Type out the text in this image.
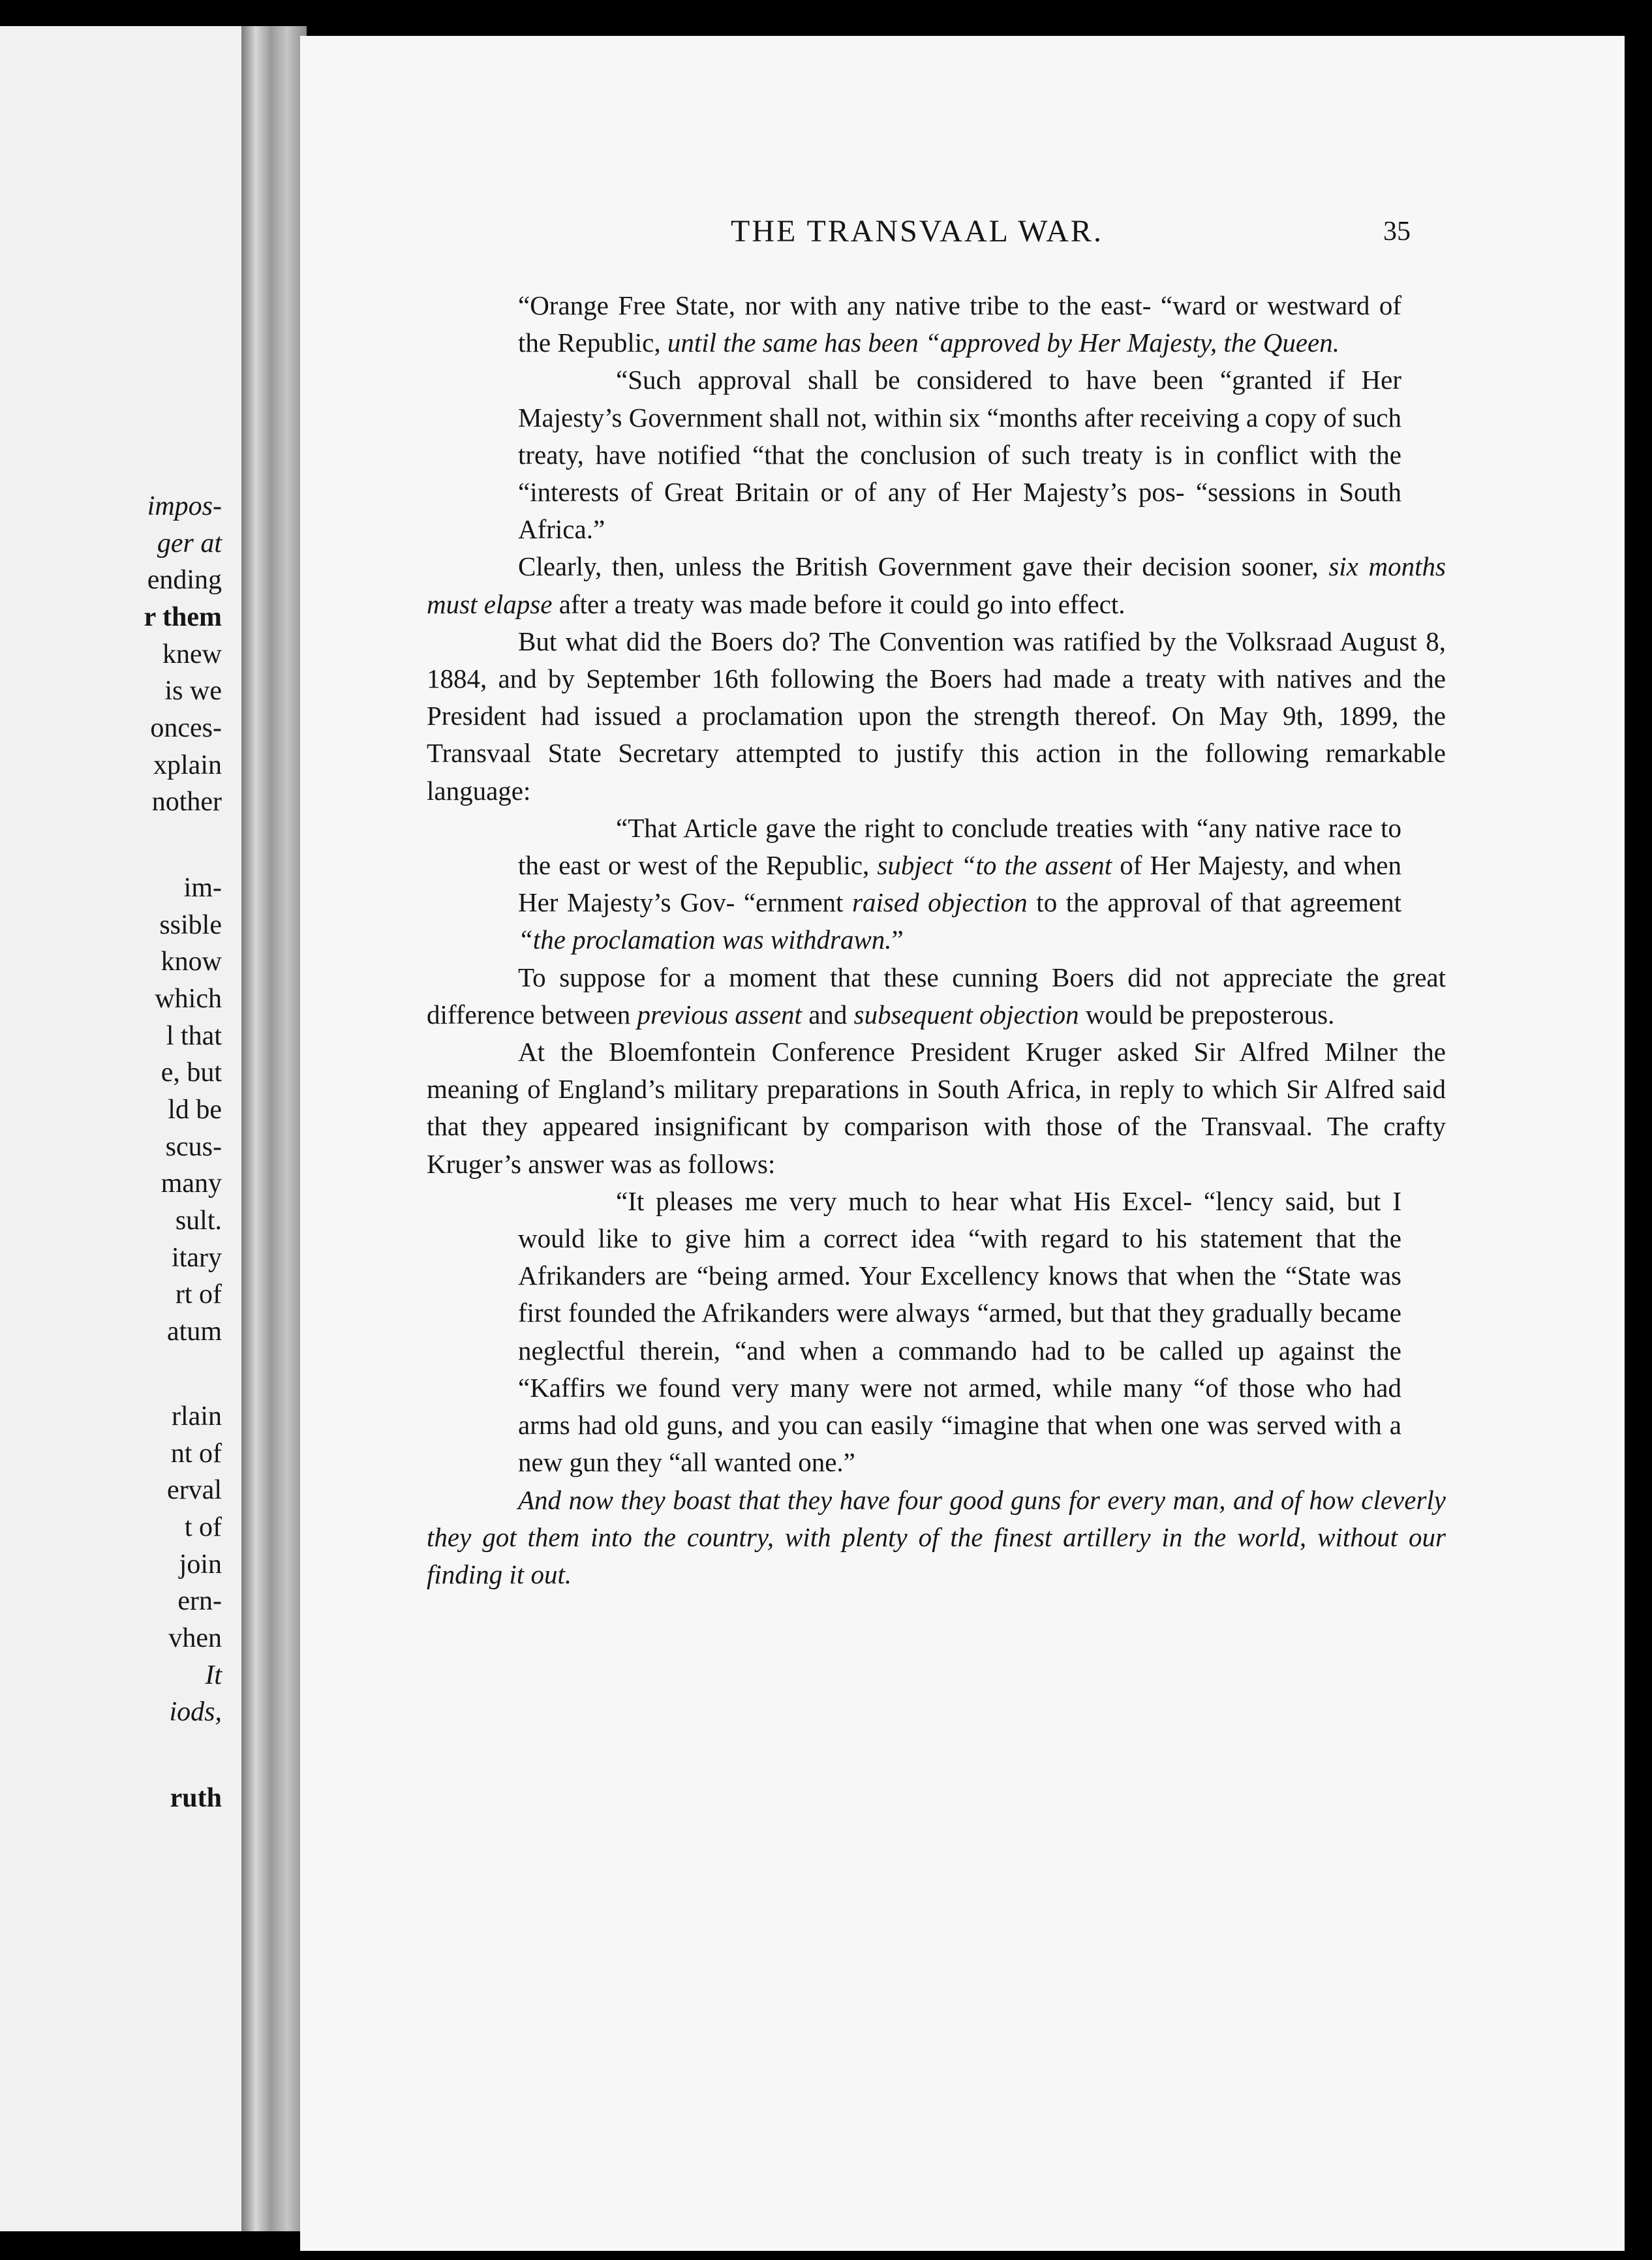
impos-
ger at
ending
r them
knew
is we
onces-
xplain
nother
im-
ssible
know
which
l that
e, but
ld be
scus-
many
sult.
itary
rt of
atum
rlain
nt of
erval
t of
join
ern-
vhen
It
iods,
ruth
THE TRANSVAAL WAR.	35

“Orange Free State, nor with any native tribe to the east- “ward or westward of the Republic, until the same has been “approved by Her Majesty, the Queen.

“Such approval shall be considered to have been “granted if Her Majesty’s Government shall not, within six “months after receiving a copy of such treaty, have notified “that the conclusion of such treaty is in conflict with the “interests of Great Britain or of any of Her Majesty’s pos- “sessions in South Africa.”

Clearly, then, unless the British Government gave their decision sooner, six months must elapse after a treaty was made before it could go into effect.

But what did the Boers do? The Convention was ratified by the Volksraad August 8, 1884, and by September 16th following the Boers had made a treaty with natives and the President had issued a proclamation upon the strength thereof. On May 9th, 1899, the Transvaal State Secretary attempted to justify this action in the following remarkable language:

“That Article gave the right to conclude treaties with “any native race to the east or west of the Republic, subject “to the assent of Her Majesty, and when Her Majesty’s Gov- “ernment raised objection to the approval of that agreement “the proclamation was withdrawn.”

To suppose for a moment that these cunning Boers did not appreciate the great difference between previous assent and subsequent objection would be preposterous.

At the Bloemfontein Conference President Kruger asked Sir Alfred Milner the meaning of England’s military preparations in South Africa, in reply to which Sir Alfred said that they appeared insignificant by comparison with those of the Transvaal. The crafty Kruger’s answer was as follows:

“It pleases me very much to hear what His Excel- “lency said, but I would like to give him a correct idea “with regard to his statement that the Afrikanders are “being armed. Your Excellency knows that when the “State was first founded the Afrikanders were always “armed, but that they gradually became neglectful therein, “and when a commando had to be called up against the “Kaffirs we found very many were not armed, while many “of those who had arms had old guns, and you can easily “imagine that when one was served with a new gun they “all wanted one.”

And now they boast that they have four good guns for every man, and of how cleverly they got them into the country, with plenty of the finest artillery in the world, without our finding it out.
